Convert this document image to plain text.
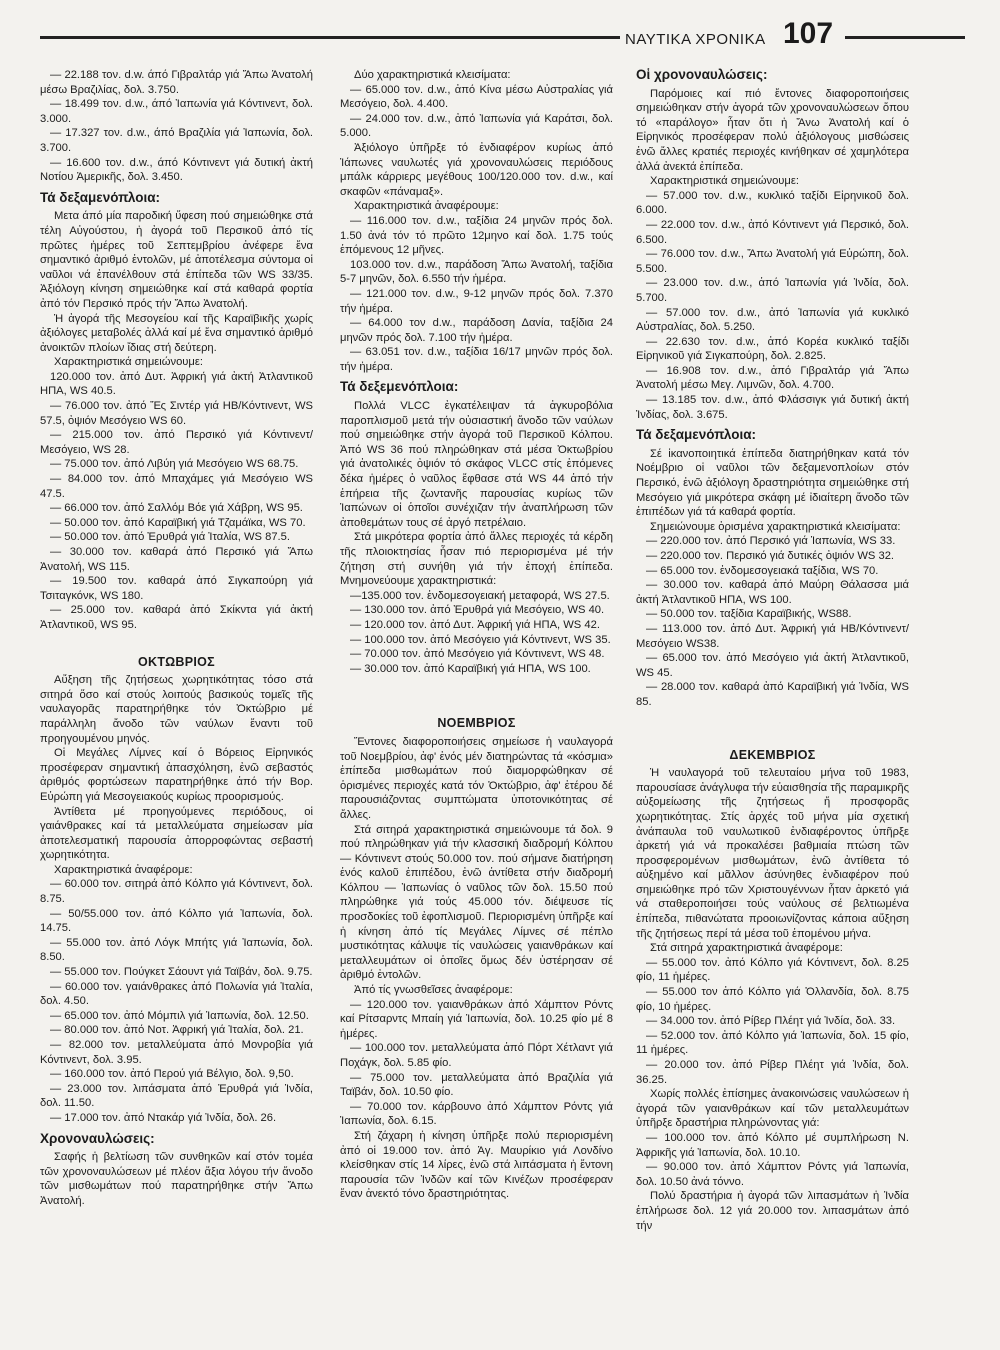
ΝΑΥΤΙΚΑ ΧΡΟΝΙΚΑ 107

— 22.188 τον. d.w. άπό Γιβραλτάρ γιά Ἄπω Ἀνατολή μέσω Βραζιλίας, δολ. 3.750.

— 18.499 τον. d.w., άπό Ἰαπωνία γιά Κόντινεντ, δολ. 3.000.

— 17.327 τον. d.w., άπό Βραζιλία γιά Ἰαπωνία, δολ. 3.700.

— 16.600 τον. d.w., άπό Κόντινεντ γιά δυτική ἀκτή Νοτίου Ἀμερικῆς, δολ. 3.450.

Τά δεξαμενόπλοια:

Μετα άπό μία παροδική ὕφεση πού σημειώθηκε στά τέλη Αὐγούστου, ἡ ἀγορά τοῦ Περσικοῦ ἀπό τίς πρῶτες ἡμέρες τοῦ Σεπτεμβρίου ἀνέφερε ἕνα σημαντικό ἀριθμό ἐντολῶν, μέ ἀποτέλεσμα σύντομα οἱ ναῦλοι νά ἐπανέλθουν στά ἐπίπεδα τῶν WS 33/35. Ἀξιόλογη κίνηση σημειώθηκε καί στά καθαρά φορτία ἀπό τόν Περσικό πρός τήν Ἄπω Ἀνατολή.

Ἡ ἀγορά τῆς Μεσογείου καί τῆς Καραϊβικῆς χωρίς ἀξιόλογες μεταβολές ἀλλά καί μέ ἕνα σημαντικό ἀριθμό ἀνοικτῶν πλοίων ἴδιας στή δεύτερη.

Χαρακτηριστικά σημειώνουμε:

120.000 τον. ἀπό Δυτ. Ἀφρική γιά ἀκτή Ἀτλαντικοῦ ΗΠΑ, WS 40.5.

— 76.000 τον. ἀπό Ἔς Σιντέρ γιά ΗΒ/Κόντινεντ, WS 57.5, ὀψιόν Μεσόγειο WS 60.

— 215.000 τον. ἀπό Περσικό γιά Κόντινεντ/Μεσόγειο, WS 28.

— 75.000 τον. ἀπό Λιβύη γιά Μεσόγειο WS 68.75.

— 84.000 τον. ἀπό Μπαχάμες γιά Μεσόγειο WS 47.5.

— 66.000 τον. ἀπό Σαλλόμ Βόε γιά Χάβρη, WS 95.

— 50.000 τον. ἀπό Καραϊβική γιά Τζαμάϊκα, WS 70.

— 50.000 τον. ἀπό Ἐρυθρά γιά Ἰταλία, WS 87.5.

— 30.000 τον. καθαρά ἀπό Περσικό γιά Ἄπω Ἀνατολή, WS 115.

— 19.500 τον. καθαρά ἀπό Σιγκαπούρη γιά Τσιταγκόνκ, WS 180.

— 25.000 τον. καθαρά ἀπό Σκίκντα γιά ἀκτή Ἀτλαντικοῦ, WS 95.

ΟΚΤΩΒΡΙΟΣ

Αὔξηση τῆς ζητήσεως χωρητικότητας τόσο στά σιτηρά ὅσο καί στούς λοιπούς βασικούς τομεῖς τῆς ναυλαγορᾶς παρατηρήθηκε τόν Ὀκτώβριο μέ παράλληλη ἄνοδο τῶν ναύλων ἔναντι τοῦ προηγουμένου μηνός.

Οἱ Μεγάλες Λίμνες καί ὁ Βόρειος Εἰρηνικός προσέφεραν σημαντική ἀπασχόληση, ἐνῶ σεβαστός ἀριθμός φορτώσεων παρατηρήθηκε ἀπό τήν Βορ. Εὐρώπη γιά Μεσογειακούς κυρίως προορισμούς.

Ἀντίθετα μέ προηγούμενες περιόδους, οἱ γαιάνθρακες καί τά μεταλλεύματα σημείωσαν μία ἀποτελεσματική παρουσία ἀπορροφώντας σεβαστή χωρητικότητα.

Χαρακτηριστικά ἀναφέρομε:

— 60.000 τον. σιτηρά ἀπό Κόλπο γιά Κόντινεντ, δολ. 8.75.

— 50/55.000 τον. ἀπό Κόλπο γιά Ἰαπωνία, δολ. 14.75.

— 55.000 τον. ἀπό Λόγκ Μπήτς γιά Ἰαπωνία, δολ. 8.50.

— 55.000 τον. Πούγκετ Σάουντ γιά Ταϊβάν, δολ. 9.75.

— 60.000 τον. γαιάνθρακες ἀπό Πολωνία γιά Ἰταλία, δολ. 4.50.

— 65.000 τον. ἀπό Μόμπιλ γιά Ἰαπωνία, δολ. 12.50.

— 80.000 τον. ἀπό Νοτ. Ἀφρική γιά Ἰταλία, δολ. 21.

— 82.000 τον. μεταλλεύματα ἀπό Μονροβία γιά Κόντινεντ, δολ. 3.95.

— 160.000 τον. ἀπό Περού γιά Βέλγιο, δολ. 9,50.

— 23.000 τον. λιπάσματα ἀπό Ἐρυθρά γιά Ἰνδία, δολ. 11.50.

— 17.000 τον. ἀπό Ντακάρ γιά Ἰνδία, δολ. 26.

Χρονοναυλώσεις:

Σαφής ἡ βελτίωση τῶν συνθηκῶν καί στόν τομέα τῶν χρονοναυλώσεων μέ πλέον ἄξια λόγου τήν ἄνοδο τῶν μισθωμάτων πού παρατηρήθηκε στήν Ἄπω Ἀνατολή.

Δύο χαρακτηριστικά κλεισίματα:

— 65.000 τον. d.w., ἀπό Κίνα μέσω Αὐστραλίας γιά Μεσόγειο, δολ. 4.400.

— 24.000 τον. d.w., ἀπό Ἰαπωνία γιά Καράτσι, δολ. 5.000.

Ἀξιόλογο ὑπῆρξε τό ἐνδιαφέρον κυρίως ἀπό Ἰάπωνες ναυλωτές γιά χρονοναυλώσεις περιόδους μπάλκ κάρριερς μεγέθους 100/120.000 τον. d.w., καί σκαφῶν «πάναμαξ».

Χαρακτηριστικά ἀναφέρουμε:

— 116.000 τον. d.w., ταξίδια 24 μηνῶν πρός δολ. 1.50 ἀνά τόν τό πρῶτο 12μηνο καί δολ. 1.75 τούς ἑπόμενους 12 μῆνες.

103.000 τον. d.w., παράδοση Ἄπω Ἀνατολή, ταξίδια 5-7 μηνῶν, δολ. 6.550 τήν ἡμέρα.

— 121.000 τον. d.w., 9-12 μηνῶν πρός δολ. 7.370 τήν ἡμέρα.

— 64.000 τον d.w., παράδοση Δανία, ταξίδια 24 μηνῶν πρός δολ. 7.100 τήν ἡμέρα.

— 63.051 τον. d.w., ταξίδια 16/17 μηνῶν πρός δολ. τήν ἡμέρα.

Τά δεξεμενόπλοια:

Πολλά VLCC ἐγκατέλειψαν τά ἀγκυροβόλια παροπλισμοῦ μετά τήν οὐσιαστική ἄνοδο τῶν ναύλων πού σημειώθηκε στήν ἀγορά τοῦ Περσικοῦ Κόλπου. Ἀπό WS 36 πού πληρώθηκαν στά μέσα Ὀκτωβρίου γιά ἀνατολικές ὀψιόν τό σκάφος VLCC στίς ἑπόμενες δέκα ἡμέρες ὁ ναῦλος ἔφθασε στά WS 44 ἀπό τήν ἐπήρεια τῆς ζωντανῆς παρουσίας κυρίως τῶν Ἰαπώνων οἱ ὁποῖοι συνέχιζαν τήν ἀναπλήρωση τῶν ἀποθεμάτων τους σέ ἀργό πετρέλαιο.

Στά μικρότερα φορτία ἀπό ἄλλες περιοχές τά κέρδη τῆς πλοιοκτησίας ἦσαν πιό περιορισμένα μέ τήν ζήτηση στή συνήθη γιά τήν ἐποχή ἐπίπεδα. Μνημονεύουμε χαρακτηριστικά:

—135.000 τον. ἐνδομεσογειακή μεταφορά, WS 27.5.

— 130.000 τον. ἀπό Ἐρυθρά γιά Μεσόγειο, WS 40.

— 120.000 τον. ἀπό Δυτ. Ἀφρική γιά ΗΠΑ, WS 42.

— 100.000 τον. ἀπό Μεσόγειο γιά Κόντινεντ, WS 35.

— 70.000 τον. ἀπό Μεσόγειο γιά Κόντινεντ, WS 48.

— 30.000 τον. ἀπό Καραϊβική γιά ΗΠΑ, WS 100.

ΝΟΕΜΒΡΙΟΣ

Ἔντονες διαφοροποιήσεις σημείωσε ἡ ναυλαγορά τοῦ Νοεμβρίου, ἀφ' ἑνός μέν διατηρώντας τά «κόσμια» ἐπίπεδα μισθωμάτων πού διαμορφώθηκαν σέ ὁρισμένες περιοχές κατά τόν Ὀκτώβριο, ἀφ' ἑτέρου δέ παρουσιάζοντας συμπτώματα ὑποτονικότητας σέ ἄλλες.

Στά σιτηρά χαρακτηριστικά σημειώνουμε τά δολ. 9 πού πληρώθηκαν γιά τήν κλασσική διαδρομή Κόλπου — Κόντινεντ στούς 50.000 τον. πού σήμανε διατήρηση ἑνός καλοῦ ἐπιπέδου, ἐνῶ ἀντίθετα στήν διαδρομή Κόλπου — Ἰαπωνίας ὁ ναῦλος τῶν δολ. 15.50 πού πληρώθηκε γιά τούς 45.000 τόν. διέψευσε τίς προσδοκίες τοῦ ἐφοπλισμοῦ. Περιορισμένη ὑπῆρξε καί ἡ κίνηση ἀπό τίς Μεγάλες Λίμνες σέ πέπλο μυστικότητας κάλυψε τίς ναυλώσεις γαιανθράκων καί μεταλλευμάτων οἱ ὁποῖες ὅμως δέν ὑστέρησαν σέ ἀριθμό ἐντολῶν.

Ἀπό τίς γνωσθεῖσες ἀναφέρομε:

— 120.000 τον. γαιανθράκων ἀπό Χάμπτον Ρόντς καί Ρίτσαρντς Μπαίη γιά Ἰαπωνία, δολ. 10.25 φίο μέ 8 ἡμέρες.

— 100.000 τον. μεταλλεύματα ἀπό Πόρτ Χέτλαντ γιά Ποχάγκ, δολ. 5.85 φίο.

— 75.000 τον. μεταλλεύματα ἀπό Βραζιλία γιά Ταϊβάν, δολ. 10.50 φίο.

— 70.000 τον. κάρβουνο ἀπό Χάμπτον Ρόντς γιά Ἰαπωνία, δολ. 6.15.

Στή ζάχαρη ἡ κίνηση ὑπῆρξε πολύ περιορισμένη ἀπό οἱ 19.000 τον. ἀπό Ἁγ. Μαυρίκιο γιά Λονδίνο κλείσθηκαν στίς 14 λίρες, ἐνῶ στά λιπάσματα ἡ ἔντονη παρουσία τῶν Ἰνδῶν καί τῶν Κινέζων προσέφεραν ἕναν ἀνεκτό τόνο δραστηριότητας.

Οἱ χρονοναυλώσεις:

Παρόμοιες καί πιό ἔντονες διαφοροποιήσεις σημειώθηκαν στήν ἀγορά τῶν χρονοναυλώσεων ὅπου τό «παράλογο» ἦταν ὅτι ἡ Ἄνω Ἀνατολή καί ὁ Εἰρηνικός προσέφεραν πολύ ἀξιόλογους μισθώσεις ἐνῶ ἄλλες κρατιές περιοχές κινήθηκαν σέ χαμηλότερα ἀλλά ἀνεκτά ἐπίπεδα.

Χαρακτηριστικά σημειώνουμε:

— 57.000 τον. d.w., κυκλικό ταξίδι Εἰρηνικοῦ δολ. 6.000.

— 22.000 τον. d.w., ἀπό Κόντινεντ γιά Περσικό, δολ. 6.500.

— 76.000 τον. d.w., Ἄπω Ἀνατολή γιά Εὐρώπη, δολ. 5.500.

— 23.000 τον. d.w., ἀπό Ἰαπωνία γιά Ἰνδία, δολ. 5.700.

— 57.000 τον. d.w., ἀπό Ἰαπωνία γιά κυκλικό Αὐστραλίας, δολ. 5.250.

— 22.630 τον. d.w., ἀπό Κορέα κυκλικό ταξίδι Εἰρηνικοῦ γιά Σιγκαπούρη, δολ. 2.825.

— 16.908 τον. d.w., ἀπό Γιβραλτάρ γιά Ἄπω Ἀνατολή μέσω Μεγ. Λιμνῶν, δολ. 4.700.

— 13.185 τον. d.w., ἀπό Φλάσσιγκ γιά δυτική ἀκτή Ἰνδίας, δολ. 3.675.

Τά δεξαμενόπλοια:

Σέ ἱκανοποιητικά ἐπίπεδα διατηρήθηκαν κατά τόν Νοέμβριο οἱ ναῦλοι τῶν δεξαμενοπλοίων στόν Περσικό, ἐνῶ ἀξιόλογη δραστηριότητα σημειώθηκε στή Μεσόγειο γιά μικρότερα σκάφη μέ ἰδιαίτερη ἄνοδο τῶν ἐπιπέδων γιά τά καθαρά φορτία.

Σημειώνουμε ὁρισμένα χαρακτηριστικά κλεισίματα:

— 220.000 τον. ἀπό Περσικό γιά Ἰαπωνία, WS 33.

— 220.000 τον. Περσικό γιά δυτικές ὀψιόν WS 32.

— 65.000 τον. ἐνδομεσογειακά ταξίδια, WS 70.

— 30.000 τον. καθαρά ἀπό Μαύρη Θάλασσα μιά ἀκτή Ἀτλαντικοῦ ΗΠΑ, WS 100.

— 50.000 τον. ταξίδια Καραϊβικής, WS88.

— 113.000 τον. ἀπό Δυτ. Ἀφρική γιά ΗΒ/Κόντινεντ/Μεσόγειο WS38.

— 65.000 τον. ἀπό Μεσόγειο γιά ἀκτή Ἀτλαντικοῦ, WS 45.

— 28.000 τον. καθαρά ἀπό Καραϊβική γιά Ἰνδία, WS 85.

ΔΕΚΕΜΒΡΙΟΣ

Ἡ ναυλαγορά τοῦ τελευταίου μήνα τοῦ 1983, παρουσίασε ἀνάγλυφα τήν εὐαισθησία τῆς παραμικρῆς αὐξομείωσης τῆς ζητήσεως ἤ προσφορᾶς χωρητικότητας. Στίς ἀρχές τοῦ μήνα μία σχετική ἀνάπαυλα τοῦ ναυλωτικοῦ ἐνδιαφέροντος ὑπῆρξε ἀρκετή γιά νά προκαλέσει βαθμιαία πτώση τῶν προσφερομένων μισθωμάτων, ἐνῶ ἀντίθετα τό αὐξημένο καί μᾶλλον ἀσύνηθες ἐνδιαφέρον πού σημειώθηκε πρό τῶν Χριστουγέννων ἦταν ἀρκετό γιά νά σταθεροποιήσει τούς ναύλους σέ βελτιωμένα ἐπίπεδα, πιθανώτατα προοιωνίζοντας κάποια αὔξηση τῆς ζητήσεως περί τά μέσα τοῦ ἑπομένου μήνα.

Στά σιτηρά χαρακτηριστικά ἀναφέρομε:

— 55.000 τον. ἀπό Κόλπο γιά Κόντινεντ, δολ. 8.25 φίο, 11 ἡμέρες.

— 55.000 τον ἀπό Κόλπο γιά Ὁλλανδία, δολ. 8.75 φίο, 10 ἡμέρες.

— 34.000 τον. ἀπό Ρίβερ Πλέητ γιά Ἰνδία, δολ. 33.

— 52.000 τον. ἀπό Κόλπο γιά Ἰαπωνία, δολ. 15 φίο, 11 ἡμέρες.

— 20.000 τον. ἀπό Ρίβερ Πλέητ γιά Ἰνδία, δολ. 36.25.

Χωρίς πολλές ἐπίσημες ἀνακοινώσεις ναυλώσεων ἡ ἀγορά τῶν γαιανθράκων καί τῶν μεταλλευμάτων ὑπῆρξε δραστήρια πληρώνοντας γιά:

— 100.000 τον. ἀπό Κόλπο μέ συμπλήρωση Ν. Ἀφρικῆς γιά Ἰαπωνία, δολ. 10.10.

— 90.000 τον. ἀπό Χάμπτον Ρόντς γιά Ἰαπωνία, δολ. 10.50 ἀνά τόννο.

Πολύ δραστήρια ἡ ἀγορά τῶν λιπασμάτων ἡ Ἰνδία ἐπλήρωσε δολ. 12 γιά 20.000 τον. λιπασμάτων ἀπό τήν
